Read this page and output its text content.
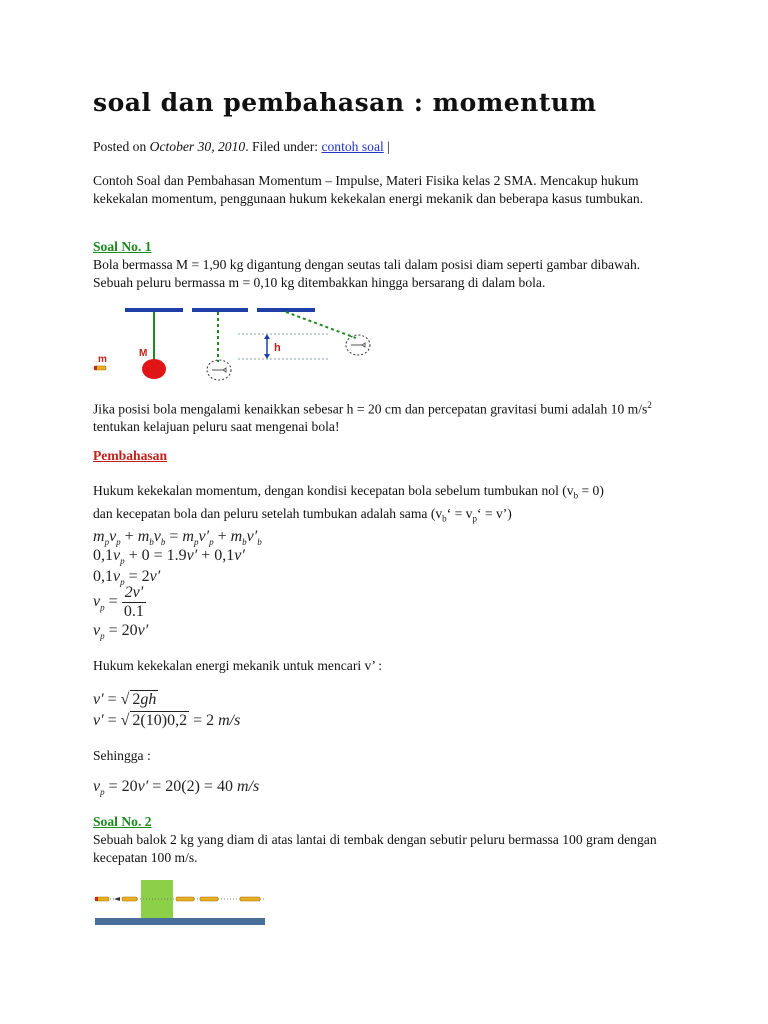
soal dan pembahasan : momentum

Posted on October 30, 2010. Filed under: contoh soal |

Contoh Soal dan Pembahasan Momentum – Impulse, Materi Fisika kelas 2 SMA. Mencakup hukum kekekalan momentum, penggunaan hukum kekekalan energi mekanik dan beberapa kasus tumbukan.

Soal No. 1

Bola bermassa M = 1,90 kg digantung dengan seutas tali dalam posisi diam seperti gambar dibawah. Sebuah peluru bermassa m = 0,10 kg ditembakkan hingga bersarang di dalam bola.

h
M
m

Jika posisi bola mengalami kenaikkan sebesar h = 20 cm dan percepatan gravitasi bumi adalah 10 $m/s^2$ tentukan kelajuan peluru saat mengenai bola!

Pembahasan

Hukum kekekalan momentum, dengan kondisi kecepatan bola sebelum tumbukan nol $(v_b = 0)$
dan kecepatan bola dan peluru setelah tumbukan adalah sama ($v_b‘$ = $v_p‘$ = v’)

$m_pv_p + m_bv_b = m_pv'_p + m_bv'_b$

$0,1v_p + 0 = 1.9v' + 0,1v'$

$0,1v_p = 2v'$

$v_p = \frac{2v'}{0.1}$

$v_p = 20v'$

Hukum kekekalan energi mekanik untuk mencari v’ :

v′ = √ 2gh

v′ = √ 2(10)0,2 = 2 m/s

Sehingga :

$v_p = 20v' = 20(2) = 40$ m/s

Soal No. 2

Sebuah balok 2 kg yang diam di atas lantai di tembak dengan sebutir peluru bermassa 100 gram dengan kecepatan 100 m/s.
